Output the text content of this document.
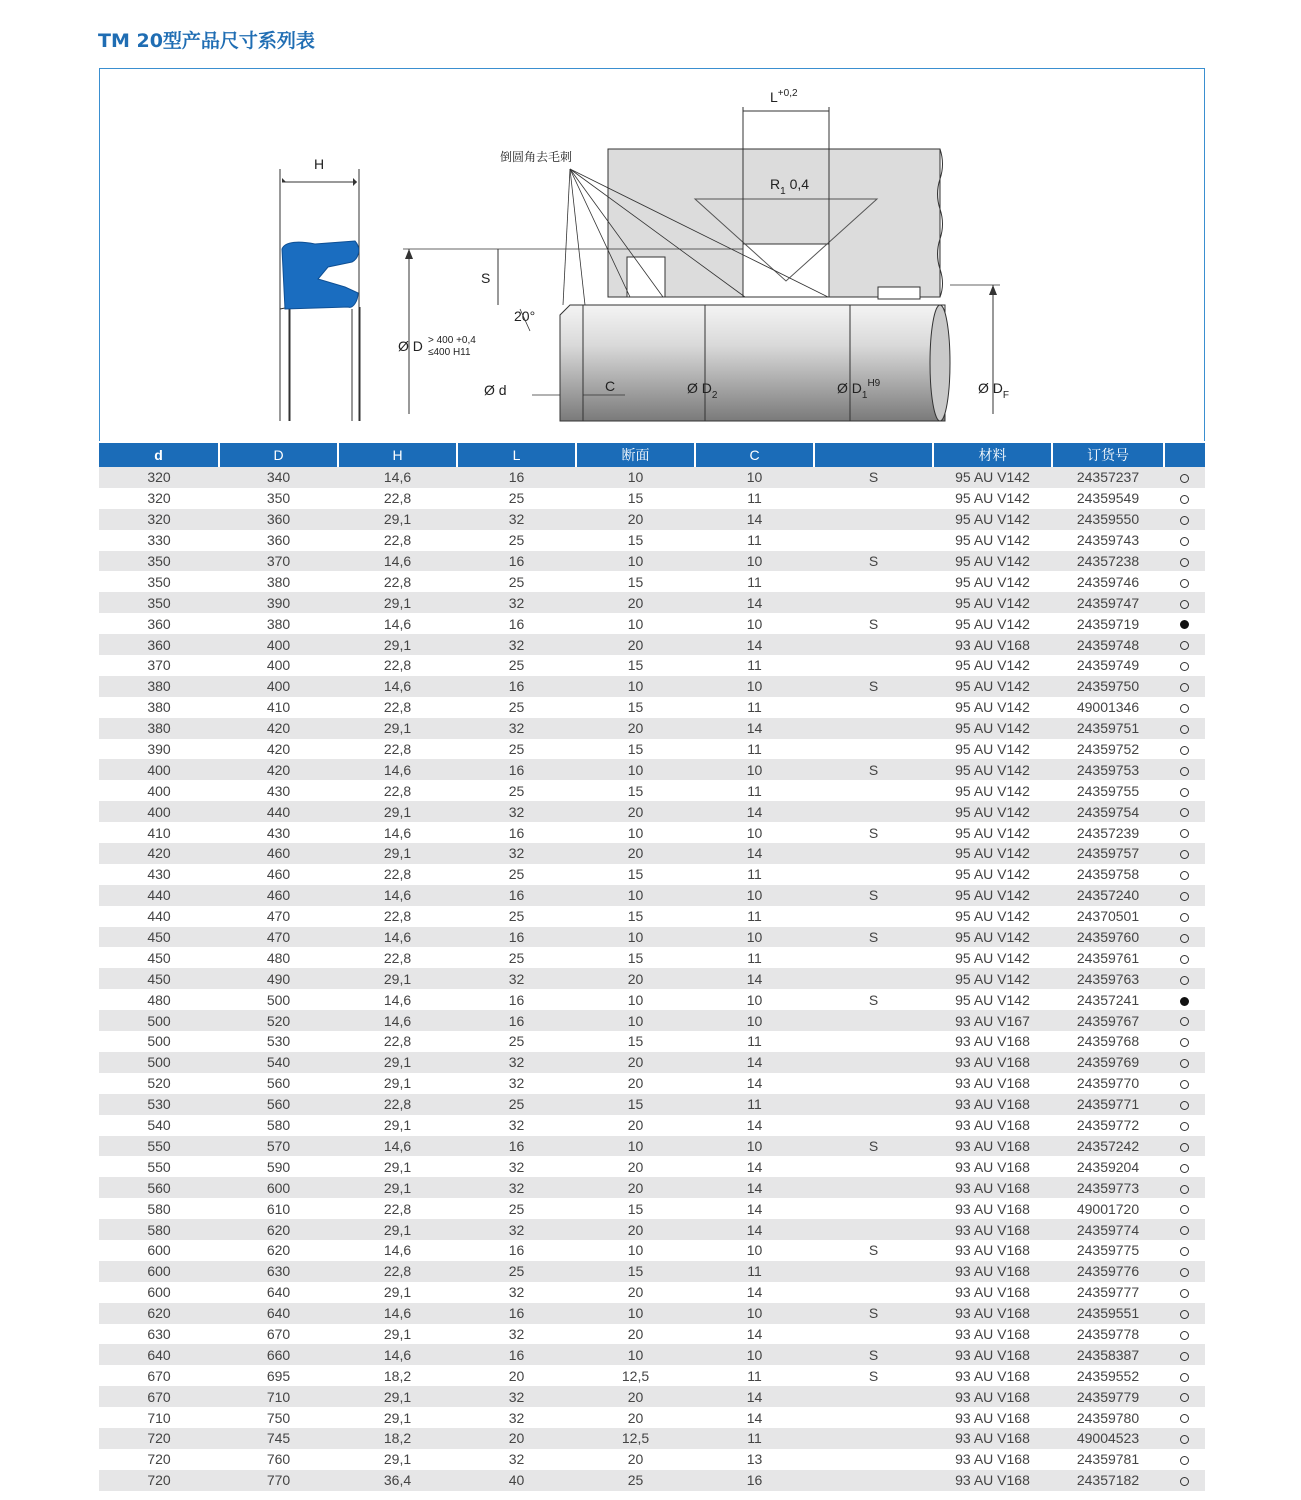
TM 20型产品尺寸系列表
H
$R_1$ 0,4
$L^{+0,2}$
倒圆角去毛刺
S
20°
Ø D > 400 +0,4
≤400 H11
Ø d	C	Ø $D_2$	Ø $D_1^{H9}$	Ø $D_F$
d	D	H	L	断面	C		材料	订货号	
320	340	14,6	16	10	10	S	95 AU V142	24357237	
320	350	22,8	25	15	11		95 AU V142	24359549	
320	360	29,1	32	20	14		95 AU V142	24359550	
330	360	22,8	25	15	11		95 AU V142	24359743	
350	370	14,6	16	10	10	S	95 AU V142	24357238	
350	380	22,8	25	15	11		95 AU V142	24359746	
350	390	29,1	32	20	14		95 AU V142	24359747	
360	380	14,6	16	10	10	S	95 AU V142	24359719	
360	400	29,1	32	20	14		93 AU V168	24359748	
370	400	22,8	25	15	11		95 AU V142	24359749	
380	400	14,6	16	10	10	S	95 AU V142	24359750	
380	410	22,8	25	15	11		95 AU V142	49001346	
380	420	29,1	32	20	14		95 AU V142	24359751	
390	420	22,8	25	15	11		95 AU V142	24359752	
400	420	14,6	16	10	10	S	95 AU V142	24359753	
400	430	22,8	25	15	11		95 AU V142	24359755	
400	440	29,1	32	20	14		95 AU V142	24359754	
410	430	14,6	16	10	10	S	95 AU V142	24357239	
420	460	29,1	32	20	14		95 AU V142	24359757	
430	460	22,8	25	15	11		95 AU V142	24359758	
440	460	14,6	16	10	10	S	95 AU V142	24357240	
440	470	22,8	25	15	11		95 AU V142	24370501	
450	470	14,6	16	10	10	S	95 AU V142	24359760	
450	480	22,8	25	15	11		95 AU V142	24359761	
450	490	29,1	32	20	14		95 AU V142	24359763	
480	500	14,6	16	10	10	S	95 AU V142	24357241	
500	520	14,6	16	10	10		93 AU V167	24359767	
500	530	22,8	25	15	11		93 AU V168	24359768	
500	540	29,1	32	20	14		93 AU V168	24359769	
520	560	29,1	32	20	14		93 AU V168	24359770	
530	560	22,8	25	15	11		93 AU V168	24359771	
540	580	29,1	32	20	14		93 AU V168	24359772	
550	570	14,6	16	10	10	S	93 AU V168	24357242	
550	590	29,1	32	20	14		93 AU V168	24359204	
560	600	29,1	32	20	14		93 AU V168	24359773	
580	610	22,8	25	15	14		93 AU V168	49001720	
580	620	29,1	32	20	14		93 AU V168	24359774	
600	620	14,6	16	10	10	S	93 AU V168	24359775	
600	630	22,8	25	15	11		93 AU V168	24359776	
600	640	29,1	32	20	14		93 AU V168	24359777	
620	640	14,6	16	10	10	S	93 AU V168	24359551	
630	670	29,1	32	20	14		93 AU V168	24359778	
640	660	14,6	16	10	10	S	93 AU V168	24358387	
670	695	18,2	20	12,5	11	S	93 AU V168	24359552	
670	710	29,1	32	20	14		93 AU V168	24359779	
710	750	29,1	32	20	14		93 AU V168	24359780	
720	745	18,2	20	12,5	11		93 AU V168	49004523	
720	760	29,1	32	20	13		93 AU V168	24359781	
720	770	36,4	40	25	16		93 AU V168	24357182	
